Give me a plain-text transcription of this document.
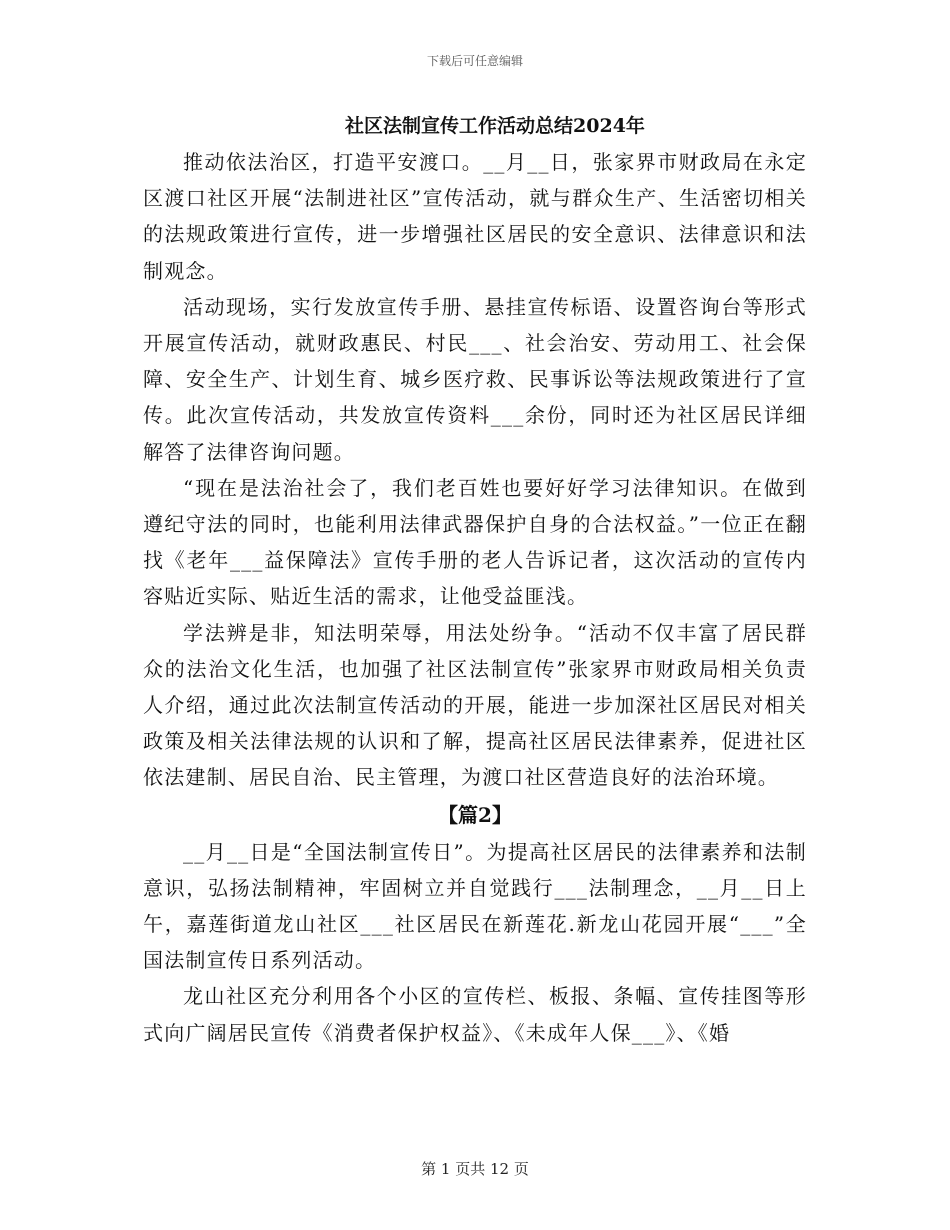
下载后可任意编辑
社区法制宣传工作活动总结2024年

推动依法治区，打造平安渡口。__月__日，张家界市财政局在永定区渡口社区开展“法制进社区”宣传活动，就与群众生产、生活密切相关的法规政策进行宣传，进一步增强社区居民的安全意识、法律意识和法制观念。

活动现场，实行发放宣传手册、悬挂宣传标语、设置咨询台等形式开展宣传活动，就财政惠民、村民___、社会治安、劳动用工、社会保障、安全生产、计划生育、城乡医疗救、民事诉讼等法规政策进行了宣传。此次宣传活动，共发放宣传资料___余份，同时还为社区居民详细解答了法律咨询问题。

“现在是法治社会了，我们老百姓也要好好学习法律知识。在做到遵纪守法的同时，也能利用法律武器保护自身的合法权益。”一位正在翻找《老年___益保障法》宣传手册的老人告诉记者，这次活动的宣传内容贴近实际、贴近生活的需求，让他受益匪浅。

学法辨是非，知法明荣辱，用法处纷争。“活动不仅丰富了居民群众的法治文化生活，也加强了社区法制宣传”张家界市财政局相关负责人介绍，通过此次法制宣传活动的开展，能进一步加深社区居民对相关政策及相关法律法规的认识和了解，提高社区居民法律素养，促进社区依法建制、居民自治、民主管理，为渡口社区营造良好的法治环境。

【篇2】

__月__日是“全国法制宣传日”。为提高社区居民的法律素养和法制意识，弘扬法制精神，牢固树立并自觉践行___法制理念，__月__日上午，嘉莲街道龙山社区___社区居民在新莲花.新龙山花园开展“___”全国法制宣传日系列活动。

龙山社区充分利用各个小区的宣传栏、板报、条幅、宣传挂图等形式向广阔居民宣传《消费者保护权益》、《未成年人保___》、《婚

第 1 页共 12 页
